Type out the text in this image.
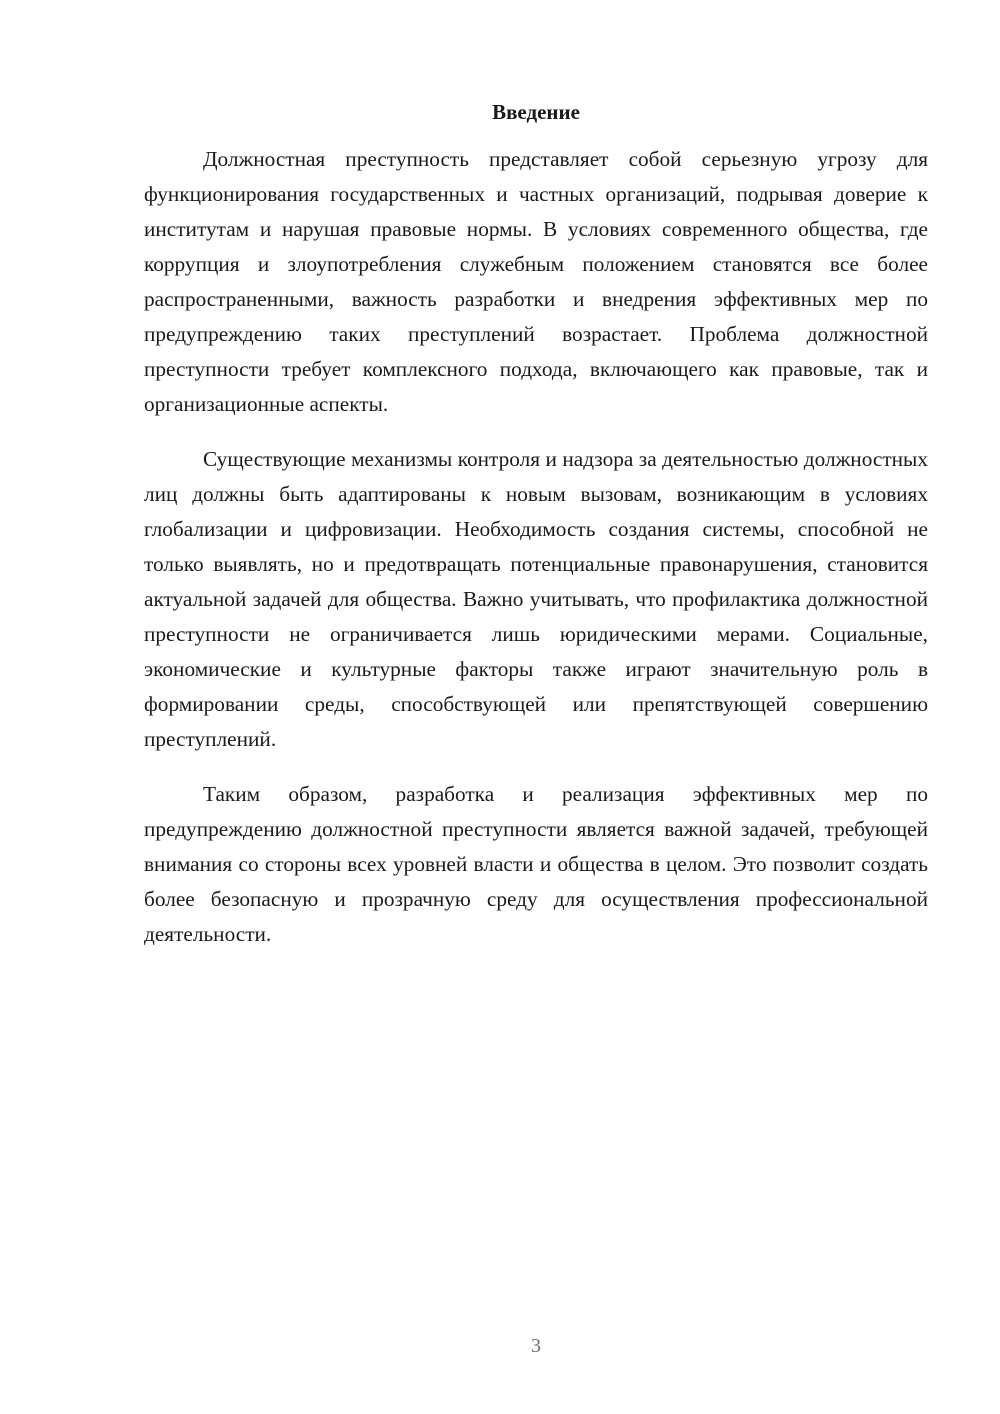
Введение

Должностная преступность представляет собой серьезную угрозу для функционирования государственных и частных организаций, подрывая доверие к институтам и нарушая правовые нормы. В условиях современного общества, где коррупция и злоупотребления служебным положением становятся все более распространенными, важность разработки и внедрения эффективных мер по предупреждению таких преступлений возрастает. Проблема должностной преступности требует комплексного подхода, включающего как правовые, так и организационные аспекты.

Существующие механизмы контроля и надзора за деятельностью должностных лиц должны быть адаптированы к новым вызовам, возникающим в условиях глобализации и цифровизации. Необходимость создания системы, способной не только выявлять, но и предотвращать потенциальные правонарушения, становится актуальной задачей для общества. Важно учитывать, что профилактика должностной преступности не ограничивается лишь юридическими мерами. Социальные, экономические и культурные факторы также играют значительную роль в формировании среды, способствующей или препятствующей совершению преступлений.

Таким образом, разработка и реализация эффективных мер по предупреждению должностной преступности является важной задачей, требующей внимания со стороны всех уровней власти и общества в целом. Это позволит создать более безопасную и прозрачную среду для осуществления профессиональной деятельности.

3
